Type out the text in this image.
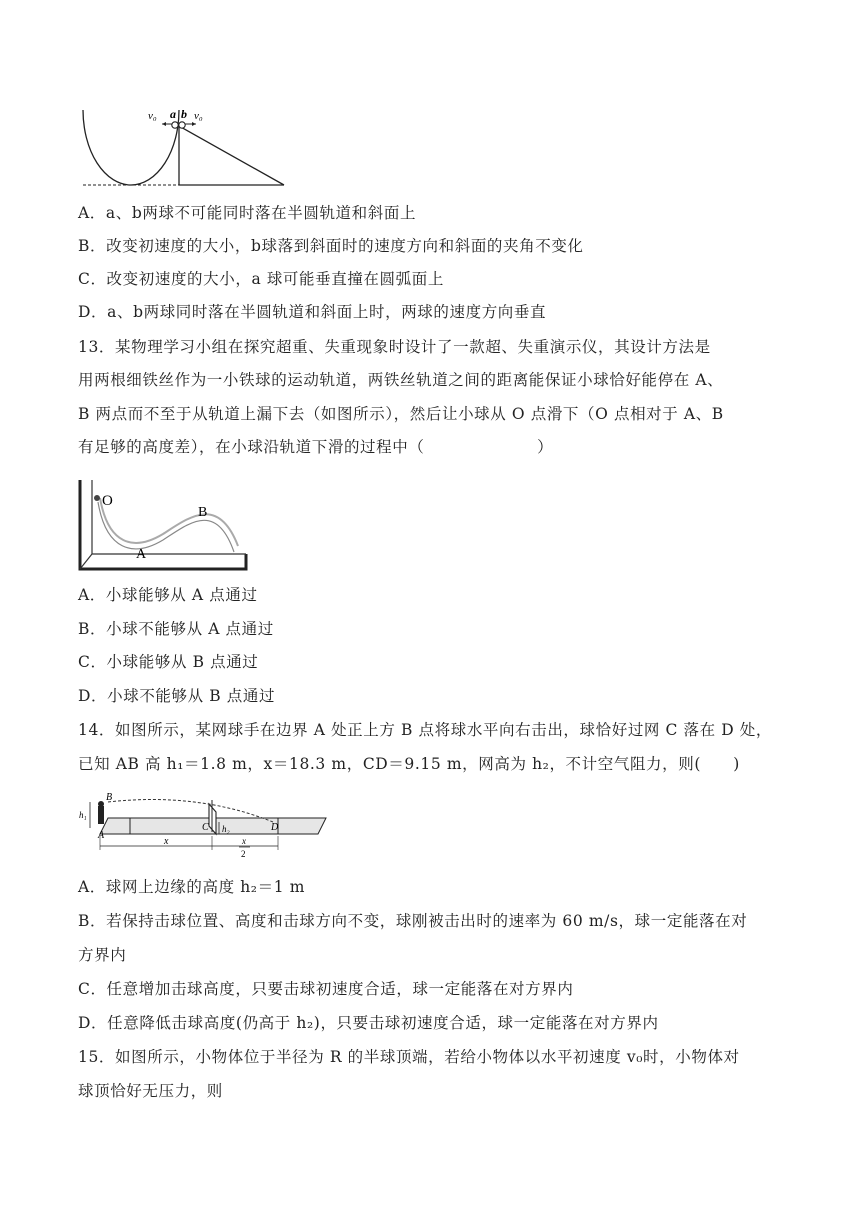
v₀ a b v₀
A．a、b两球不可能同时落在半圆轨道和斜面上
B．改变初速度的大小，b球落到斜面时的速度方向和斜面的夹角不变化
C．改变初速度的大小，a 球可能垂直撞在圆弧面上
D．a、b两球同时落在半圆轨道和斜面上时，两球的速度方向垂直
13．某物理学习小组在探究超重、失重现象时设计了一款超、失重演示仪，其设计方法是
用两根细铁丝作为一小铁球的运动轨道，两铁丝轨道之间的距离能保证小球恰好能停在 A、
B 两点而不至于从轨道上漏下去（如图所示），然后让小球从 O 点滑下（O 点相对于 A、B
有足够的高度差），在小球沿轨道下滑的过程中（　　　　　　　）
O
B
A
A．小球能够从 A 点通过
B．小球不能够从 A 点通过
C．小球能够从 B 点通过
D．小球不能够从 B 点通过
14．如图所示，某网球手在边界 A 处正上方 B 点将球水平向右击出，球恰好过网 C 落在 D 处，
已知 AB 高 h₁＝1.8 m，x＝18.3 m，CD＝9.15 m，网高为 h₂，不计空气阻力，则(　　)
B
h₁
A
C h₂	D
x	x
2
A．球网上边缘的高度 h₂＝1 m
B．若保持击球位置、高度和击球方向不变，球刚被击出时的速率为 60 m/s，球一定能落在对
方界内
C．任意增加击球高度，只要击球初速度合适，球一定能落在对方界内
D．任意降低击球高度(仍高于 h₂)，只要击球初速度合适，球一定能落在对方界内
15．如图所示，小物体位于半径为 R 的半球顶端，若给小物体以水平初速度 v₀时，小物体对
球顶恰好无压力，则
